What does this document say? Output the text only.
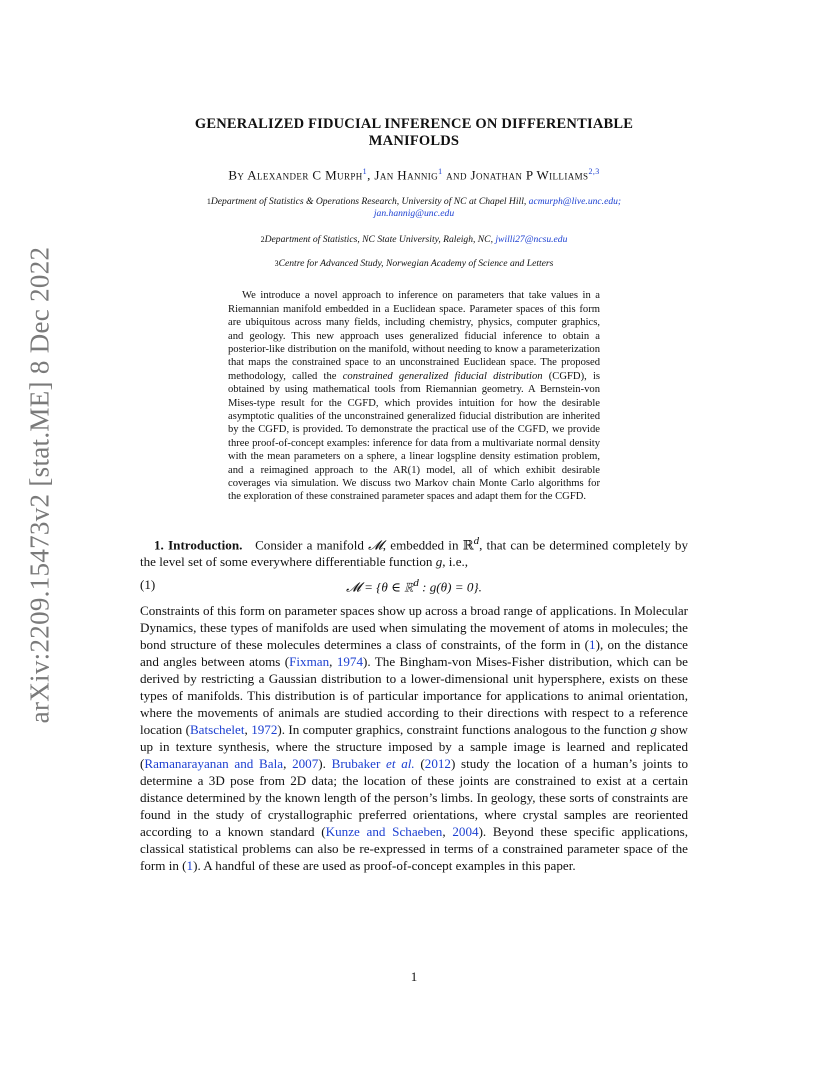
arXiv:2209.15473v2 [stat.ME] 8 Dec 2022
GENERALIZED FIDUCIAL INFERENCE ON DIFFERENTIABLE
MANIFOLDS
By Alexander C Murph$^1$, Jan Hannig$^1$ and Jonathan P Williams$^{2,3}$
$^1$Department of Statistics & Operations Research, University of NC at Chapel Hill, acmurph@live.unc.edu;
jan.hannig@unc.edu
$^2$Department of Statistics, NC State University, Raleigh, NC, jwilli27@ncsu.edu
$^3$Centre for Advanced Study, Norwegian Academy of Science and Letters
We introduce a novel approach to inference on parameters that take values in a Riemannian manifold embedded in a Euclidean space. Parameter spaces of this form are ubiquitous across many fields, including chemistry, physics, computer graphics, and geology. This new approach uses generalized fiducial inference to obtain a posterior-like distribution on the manifold, without needing to know a parameterization that maps the constrained space to an unconstrained Euclidean space. The proposed methodology, called the constrained generalized fiducial distribution (CGFD), is obtained by using mathematical tools from Riemannian geometry. A Bernstein-von Mises-type result for the CGFD, which provides intuition for how the desirable asymptotic qualities of the unconstrained generalized fiducial distribution are inherited by the CGFD, is provided. To demonstrate the practical use of the CGFD, we provide three proof-of-concept examples: inference for data from a multivariate normal density with the mean parameters on a sphere, a linear logspline density estimation problem, and a reimagined approach to the AR(1) model, all of which exhibit desirable coverages via simulation. We discuss two Markov chain Monte Carlo algorithms for the exploration of these constrained parameter spaces and adapt them for the CGFD.
1. Introduction. Consider a manifold 𝓜, embedded in ℝ$^d$, that can be determined completely by the level set of some everywhere differentiable function g, i.e.,
(1)	𝓜 = {θ ∈ ℝ$^d$ : g(θ) = 0}.
Constraints of this form on parameter spaces show up across a broad range of applications. In Molecular Dynamics, these types of manifolds are used when simulating the movement of atoms in molecules; the bond structure of these molecules determines a class of constraints, of the form in (1), on the distance and angles between atoms (Fixman, 1974). The Bingham-von Mises-Fisher distribution, which can be derived by restricting a Gaussian distribution to a lower-dimensional unit hypersphere, exists on these types of manifolds. This distribution is of particular importance for applications to animal orientation, where the movements of animals are studied according to their directions with respect to a reference location (Batschelet, 1972). In computer graphics, constraint functions analogous to the function g show up in texture synthesis, where the structure imposed by a sample image is learned and replicated (Ramanarayanan and Bala, 2007). Brubaker et al. (2012) study the location of a human’s joints to determine a 3D pose from 2D data; the location of these joints are constrained to exist at a certain distance determined by the known length of the person’s limbs. In geology, these sorts of constraints are found in the study of crystallographic preferred orientations, where crystal samples are reoriented according to a known standard (Kunze and Schaeben, 2004). Beyond these specific applications, classical statistical problems can also be re-expressed in terms of a constrained parameter space of the form in (1). A handful of these are used as proof-of-concept examples in this paper.
1
